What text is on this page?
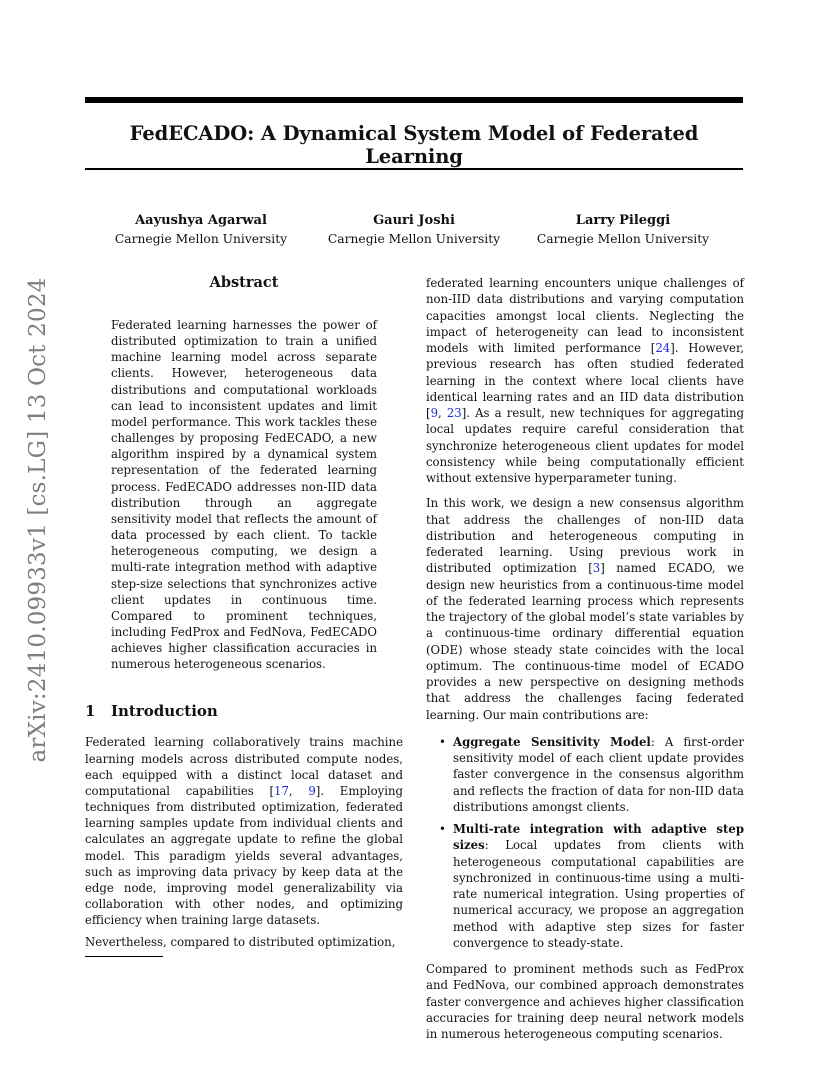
FedECADO: A Dynamical System Model of Federated Learning
Aayushya Agarwal
Carnegie Mellon University
Gauri Joshi
Carnegie Mellon University
Larry Pileggi
Carnegie Mellon University
arXiv:2410.09933v1 [cs.LG] 13 Oct 2024	Abstract
Federated learning harnesses the power of distributed optimization to train a unified machine learning model across separate clients. However, heterogeneous data distributions and computational workloads can lead to inconsistent updates and limit model performance. This work tackles these challenges by proposing FedECADO, a new algorithm inspired by a dynamical system representation of the federated learning process. FedECADO addresses non-IID data distribution through an aggregate sensitivity model that reflects the amount of data processed by each client. To tackle heterogeneous computing, we design a multi-rate integration method with adaptive step-size selections that synchronizes active client updates in continuous time. Compared to prominent techniques, including FedProx and FedNova, FedECADO achieves higher classification accuracies in numerous heterogeneous scenarios.
1 Introduction

Federated learning collaboratively trains machine learning models across distributed compute nodes, each equipped with a distinct local dataset and computational capabilities [17, 9]. Employing techniques from distributed optimization, federated learning samples update from individual clients and calculates an aggregate update to refine the global model. This paradigm yields several advantages, such as improving data privacy by keep data at the edge node, improving model generalizability via collaboration with other nodes, and optimizing efficiency when training large datasets.

Nevertheless, compared to distributed optimization,

federated learning encounters unique challenges of non-IID data distributions and varying computation capacities amongst local clients. Neglecting the impact of heterogeneity can lead to inconsistent models with limited performance [24]. However, previous research has often studied federated learning in the context where local clients have identical learning rates and an IID data distribution [9, 23]. As a result, new techniques for aggregating local updates require careful consideration that synchronize heterogeneous client updates for model consistency while being computationally efficient without extensive hyperparameter tuning.

In this work, we design a new consensus algorithm that address the challenges of non-IID data distribution and heterogeneous computing in federated learning. Using previous work in distributed optimization [3] named ECADO, we design new heuristics from a continuous-time model of the federated learning process which represents the trajectory of the global model’s state variables by a continuous-time ordinary differential equation (ODE) whose steady state coincides with the local optimum. The continuous-time model of ECADO provides a new perspective on designing methods that address the challenges facing federated learning. Our main contributions are:

• Aggregate Sensitivity Model: A first-order sensitivity model of each client update provides faster convergence in the consensus algorithm and reflects the fraction of data for non-IID data distributions amongst clients.
• Multi-rate integration with adaptive step sizes: Local updates from clients with heterogeneous computational capabilities are synchronized in continuous-time using a multi-rate numerical integration. Using properties of numerical accuracy, we propose an aggregation method with adaptive step sizes for faster convergence to steady-state.

Compared to prominent methods such as FedProx and FedNova, our combined approach demonstrates faster convergence and achieves higher classification accuracies for training deep neural network models in numerous heterogeneous computing scenarios.
